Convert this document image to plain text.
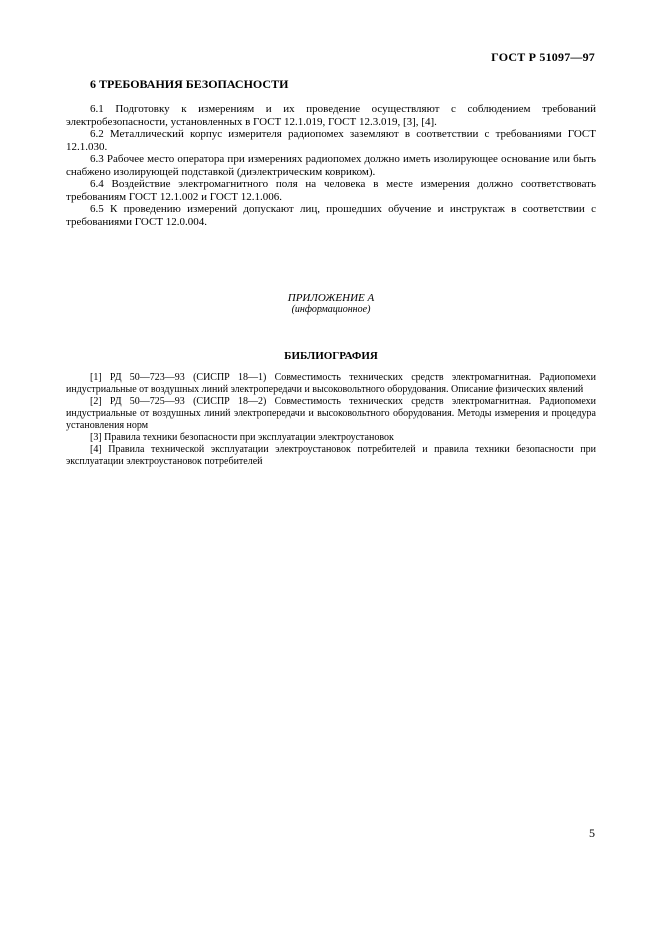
ГОСТ Р 51097—97
6 ТРЕБОВАНИЯ БЕЗОПАСНОСТИ

6.1 Подготовку к измерениям и их проведение осуществляют с соблюдением требований электробезопасности, установленных в ГОСТ 12.1.019, ГОСТ 12.3.019, [3], [4].

6.2 Металлический корпус измерителя радиопомех заземляют в соответствии с требованиями ГОСТ 12.1.030.

6.3 Рабочее место оператора при измерениях радиопомех должно иметь изолирующее основание или быть снабжено изолирующей подставкой (диэлектрическим ковриком).

6.4 Воздействие электромагнитного поля на человека в месте измерения должно соответствовать требованиям ГОСТ 12.1.002 и ГОСТ 12.1.006.

6.5 К проведению измерений допускают лиц, прошедших обучение и инструктаж в соответствии с требованиями ГОСТ 12.0.004.

ПРИЛОЖЕНИЕ А
(информационное)
БИБЛИОГРАФИЯ

[1] РД 50—723—93 (СИСПР 18—1) Совместимость технических средств электромагнитная. Радиопомехи индустриальные от воздушных линий электропередачи и высоковольтного оборудования. Описание физических явлений

[2] РД 50—725—93 (СИСПР 18—2) Совместимость технических средств электромагнитная. Радиопомехи индустриальные от воздушных линий электропередачи и высоковольтного оборудования. Методы измерения и процедура установления норм

[3] Правила техники безопасности при эксплуатации электроустановок

[4] Правила технической эксплуатации электроустановок потребителей и правила техники безопасности при эксплуатации электроустановок потребителей

5
